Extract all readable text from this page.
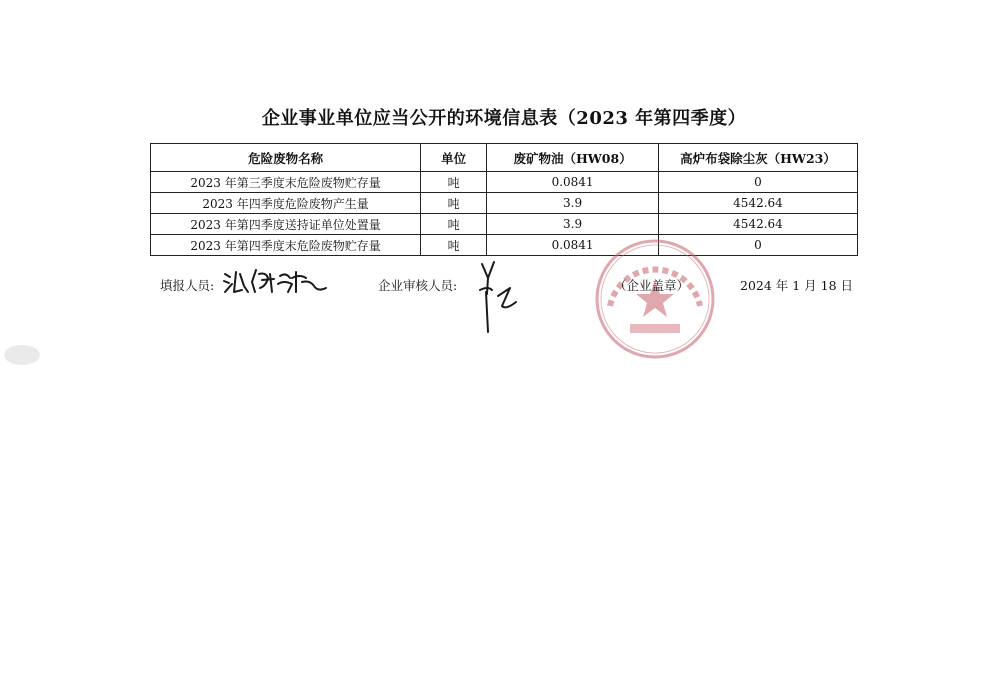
企业事业单位应当公开的环境信息表（2023 年第四季度）
危险废物名称	单位	废矿物油（HW08）	高炉布袋除尘灰（HW23）
2023 年第三季度末危险废物贮存量	吨	0.0841	0
2023 年四季度危险废物产生量	吨	3.9	4542.64
2023 年第四季度送持证单位处置量	吨	3.9	4542.64
2023 年第四季度末危险废物贮存量	吨	0.0841	0
填报人员:	企业审核人员:	（企业盖章）	2024 年 1 月 18 日
